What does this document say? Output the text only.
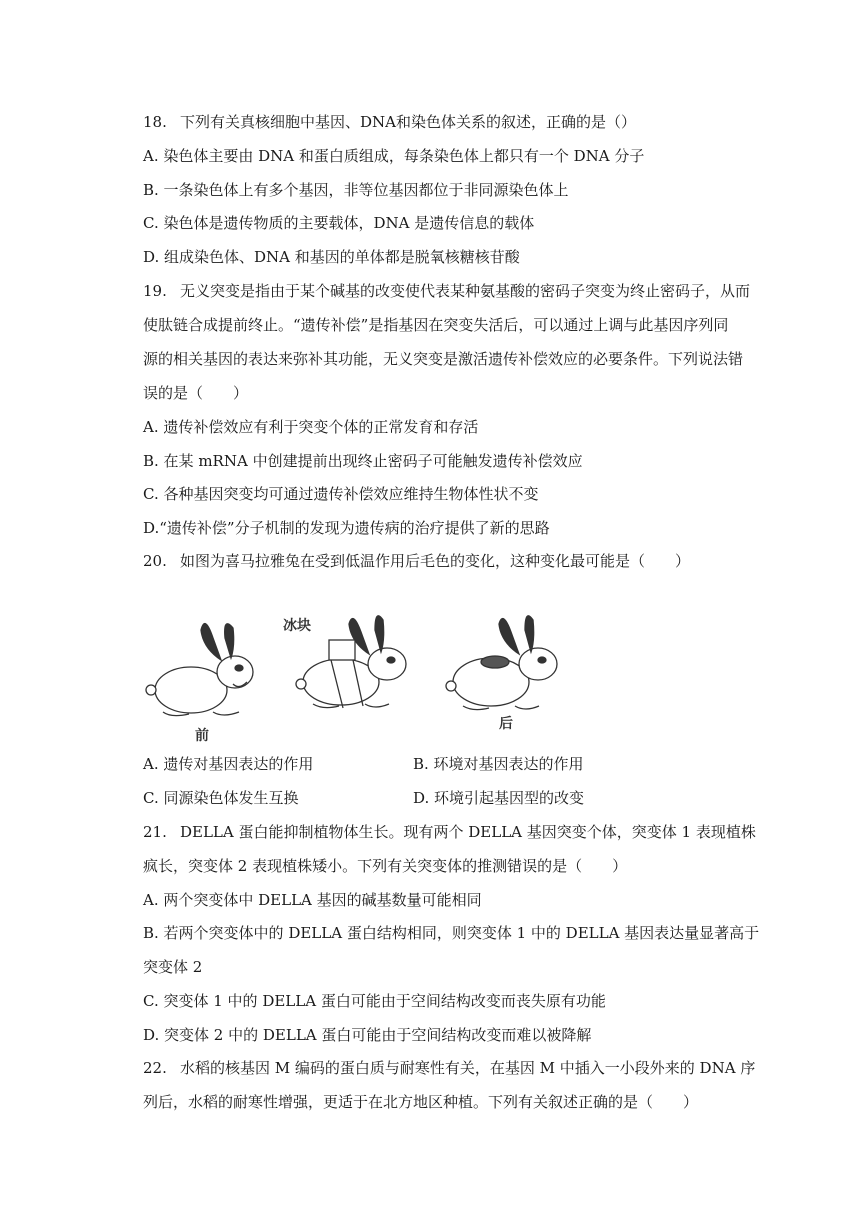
18. 下列有关真核细胞中基因、DNA和染色体关系的叙述，正确的是（）
A. 染色体主要由 DNA 和蛋白质组成，每条染色体上都只有一个 DNA 分子
B. 一条染色体上有多个基因，非等位基因都位于非同源染色体上
C. 染色体是遗传物质的主要载体，DNA 是遗传信息的载体
D. 组成染色体、DNA 和基因的单体都是脱氧核糖核苷酸
19. 无义突变是指由于某个碱基的改变使代表某种氨基酸的密码子突变为终止密码子，从而
使肽链合成提前终止。“遗传补偿”是指基因在突变失活后，可以通过上调与此基因序列同
源的相关基因的表达来弥补其功能，无义突变是激活遗传补偿效应的必要条件。下列说法错
误的是（　　）
A. 遗传补偿效应有利于突变个体的正常发育和存活
B. 在某 mRNA 中创建提前出现终止密码子可能触发遗传补偿效应
C. 各种基因突变均可通过遗传补偿效应维持生物体性状不变
D.“遗传补偿”分子机制的发现为遗传病的治疗提供了新的思路
20. 如图为喜马拉雅兔在受到低温作用后毛色的变化，这种变化最可能是（　　）
前
冰块
后
A. 遗传对基因表达的作用	B. 环境对基因表达的作用
C. 同源染色体发生互换	D. 环境引起基因型的改变
21. DELLA 蛋白能抑制植物体生长。现有两个 DELLA 基因突变个体，突变体 1 表现植株
疯长，突变体 2 表现植株矮小。下列有关突变体的推测错误的是（　　）
A. 两个突变体中 DELLA 基因的碱基数量可能相同
B. 若两个突变体中的 DELLA 蛋白结构相同，则突变体 1 中的 DELLA 基因表达量显著高于
突变体 2
C. 突变体 1 中的 DELLA 蛋白可能由于空间结构改变而丧失原有功能
D. 突变体 2 中的 DELLA 蛋白可能由于空间结构改变而难以被降解
22. 水稻的核基因 M 编码的蛋白质与耐寒性有关，在基因 M 中插入一小段外来的 DNA 序
列后，水稻的耐寒性增强，更适于在北方地区种植。下列有关叙述正确的是（　　）
